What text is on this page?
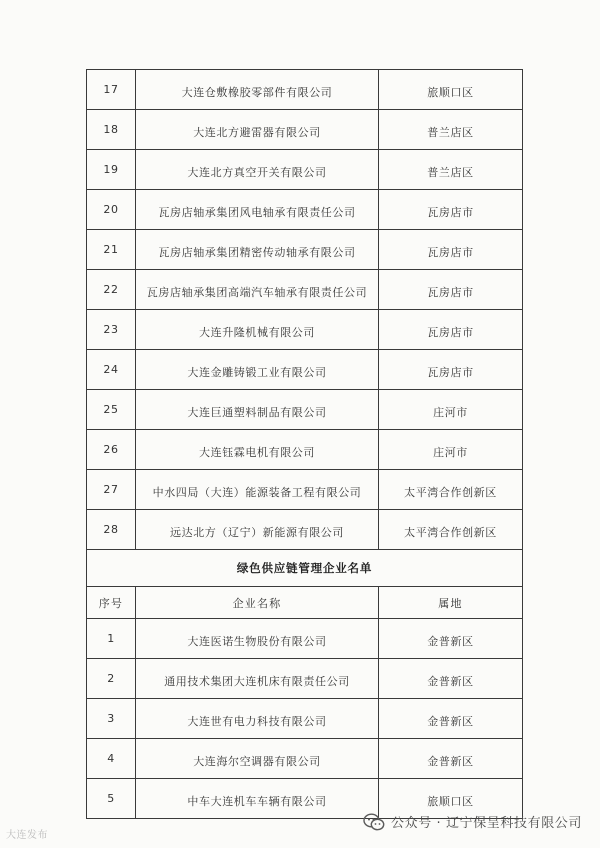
17	大连仓敷橡胶零部件有限公司	旅顺口区
18	大连北方避雷器有限公司	普兰店区
19	大连北方真空开关有限公司	普兰店区
20	瓦房店轴承集团风电轴承有限责任公司	瓦房店市
21	瓦房店轴承集团精密传动轴承有限公司	瓦房店市
22	瓦房店轴承集团高端汽车轴承有限责任公司	瓦房店市
23	大连升隆机械有限公司	瓦房店市
24	大连金雕铸锻工业有限公司	瓦房店市
25	大连巨通塑料制品有限公司	庄河市
26	大连钰霖电机有限公司	庄河市
27	中水四局（大连）能源装备工程有限公司	太平湾合作创新区
28	远达北方（辽宁）新能源有限公司	太平湾合作创新区
绿色供应链管理企业名单		
序号	企业名称	属地
1	大连医诺生物股份有限公司	金普新区
2	通用技术集团大连机床有限责任公司	金普新区
3	大连世有电力科技有限公司	金普新区
4	大连海尔空调器有限公司	金普新区
5	中车大连机车车辆有限公司	旅顺口区
大连发布
公众号 · 辽宁保呈科技有限公司
